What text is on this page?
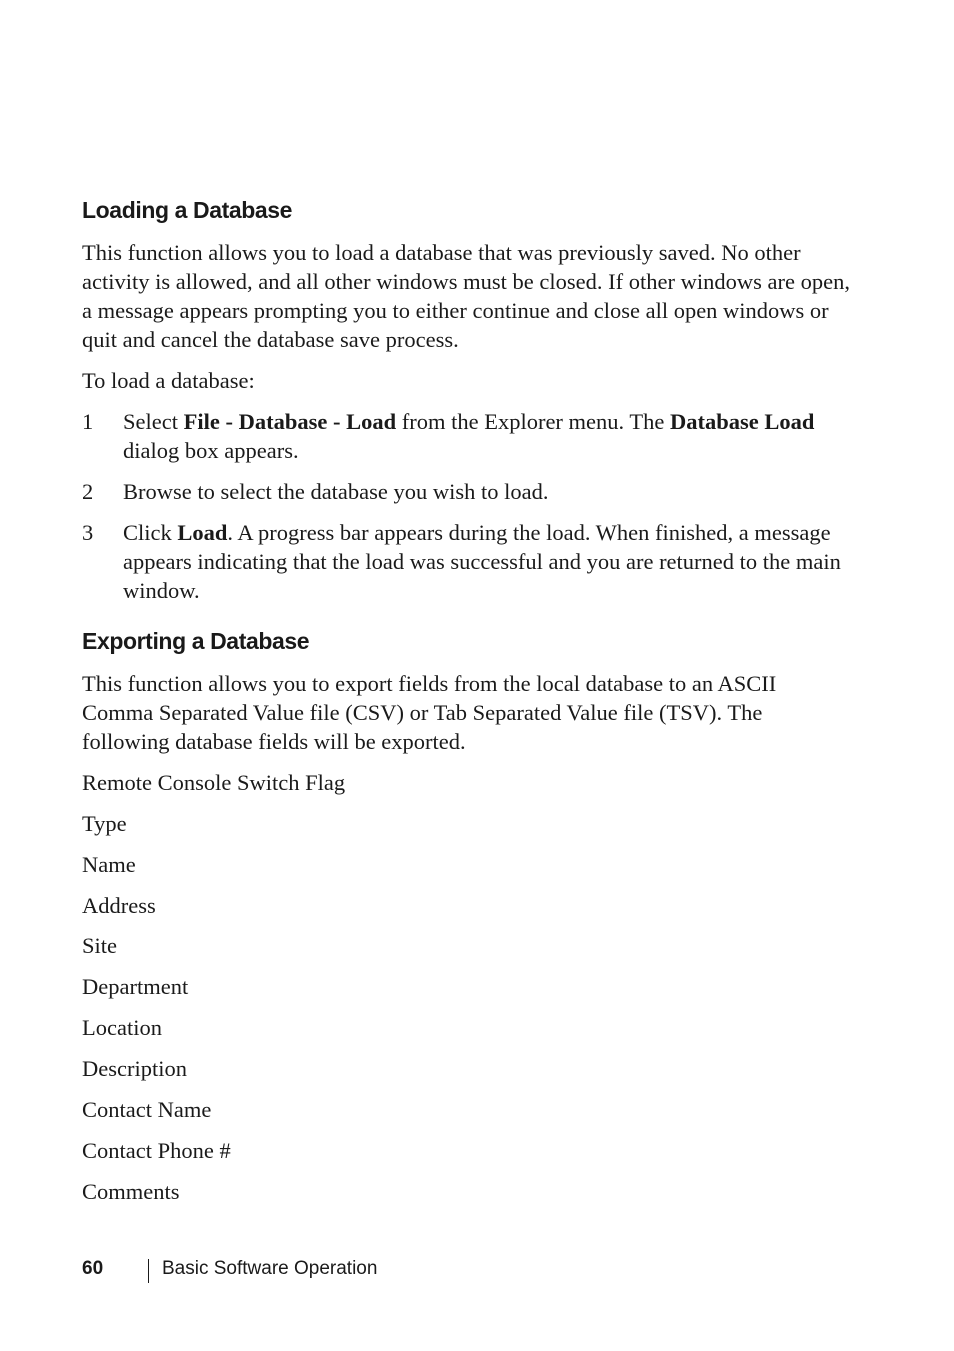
Loading a Database

This function allows you to load a database that was previously saved. No other activity is allowed, and all other windows must be closed. If other windows are open, a message appears prompting you to either continue and close all open windows or quit and cancel the database save process.

To load a database:

1 Select File - Database - Load from the Explorer menu. The Database Load dialog box appears.

2 Browse to select the database you wish to load.

3 Click Load. A progress bar appears during the load. When finished, a message appears indicating that the load was successful and you are returned to the main window.

Exporting a Database

This function allows you to export fields from the local database to an ASCII Comma Separated Value file (CSV) or Tab Separated Value file (TSV). The following database fields will be exported.

Remote Console Switch Flag

Type

Name

Address

Site

Department

Location

Description

Contact Name

Contact Phone #

Comments

60	Basic Software Operation
